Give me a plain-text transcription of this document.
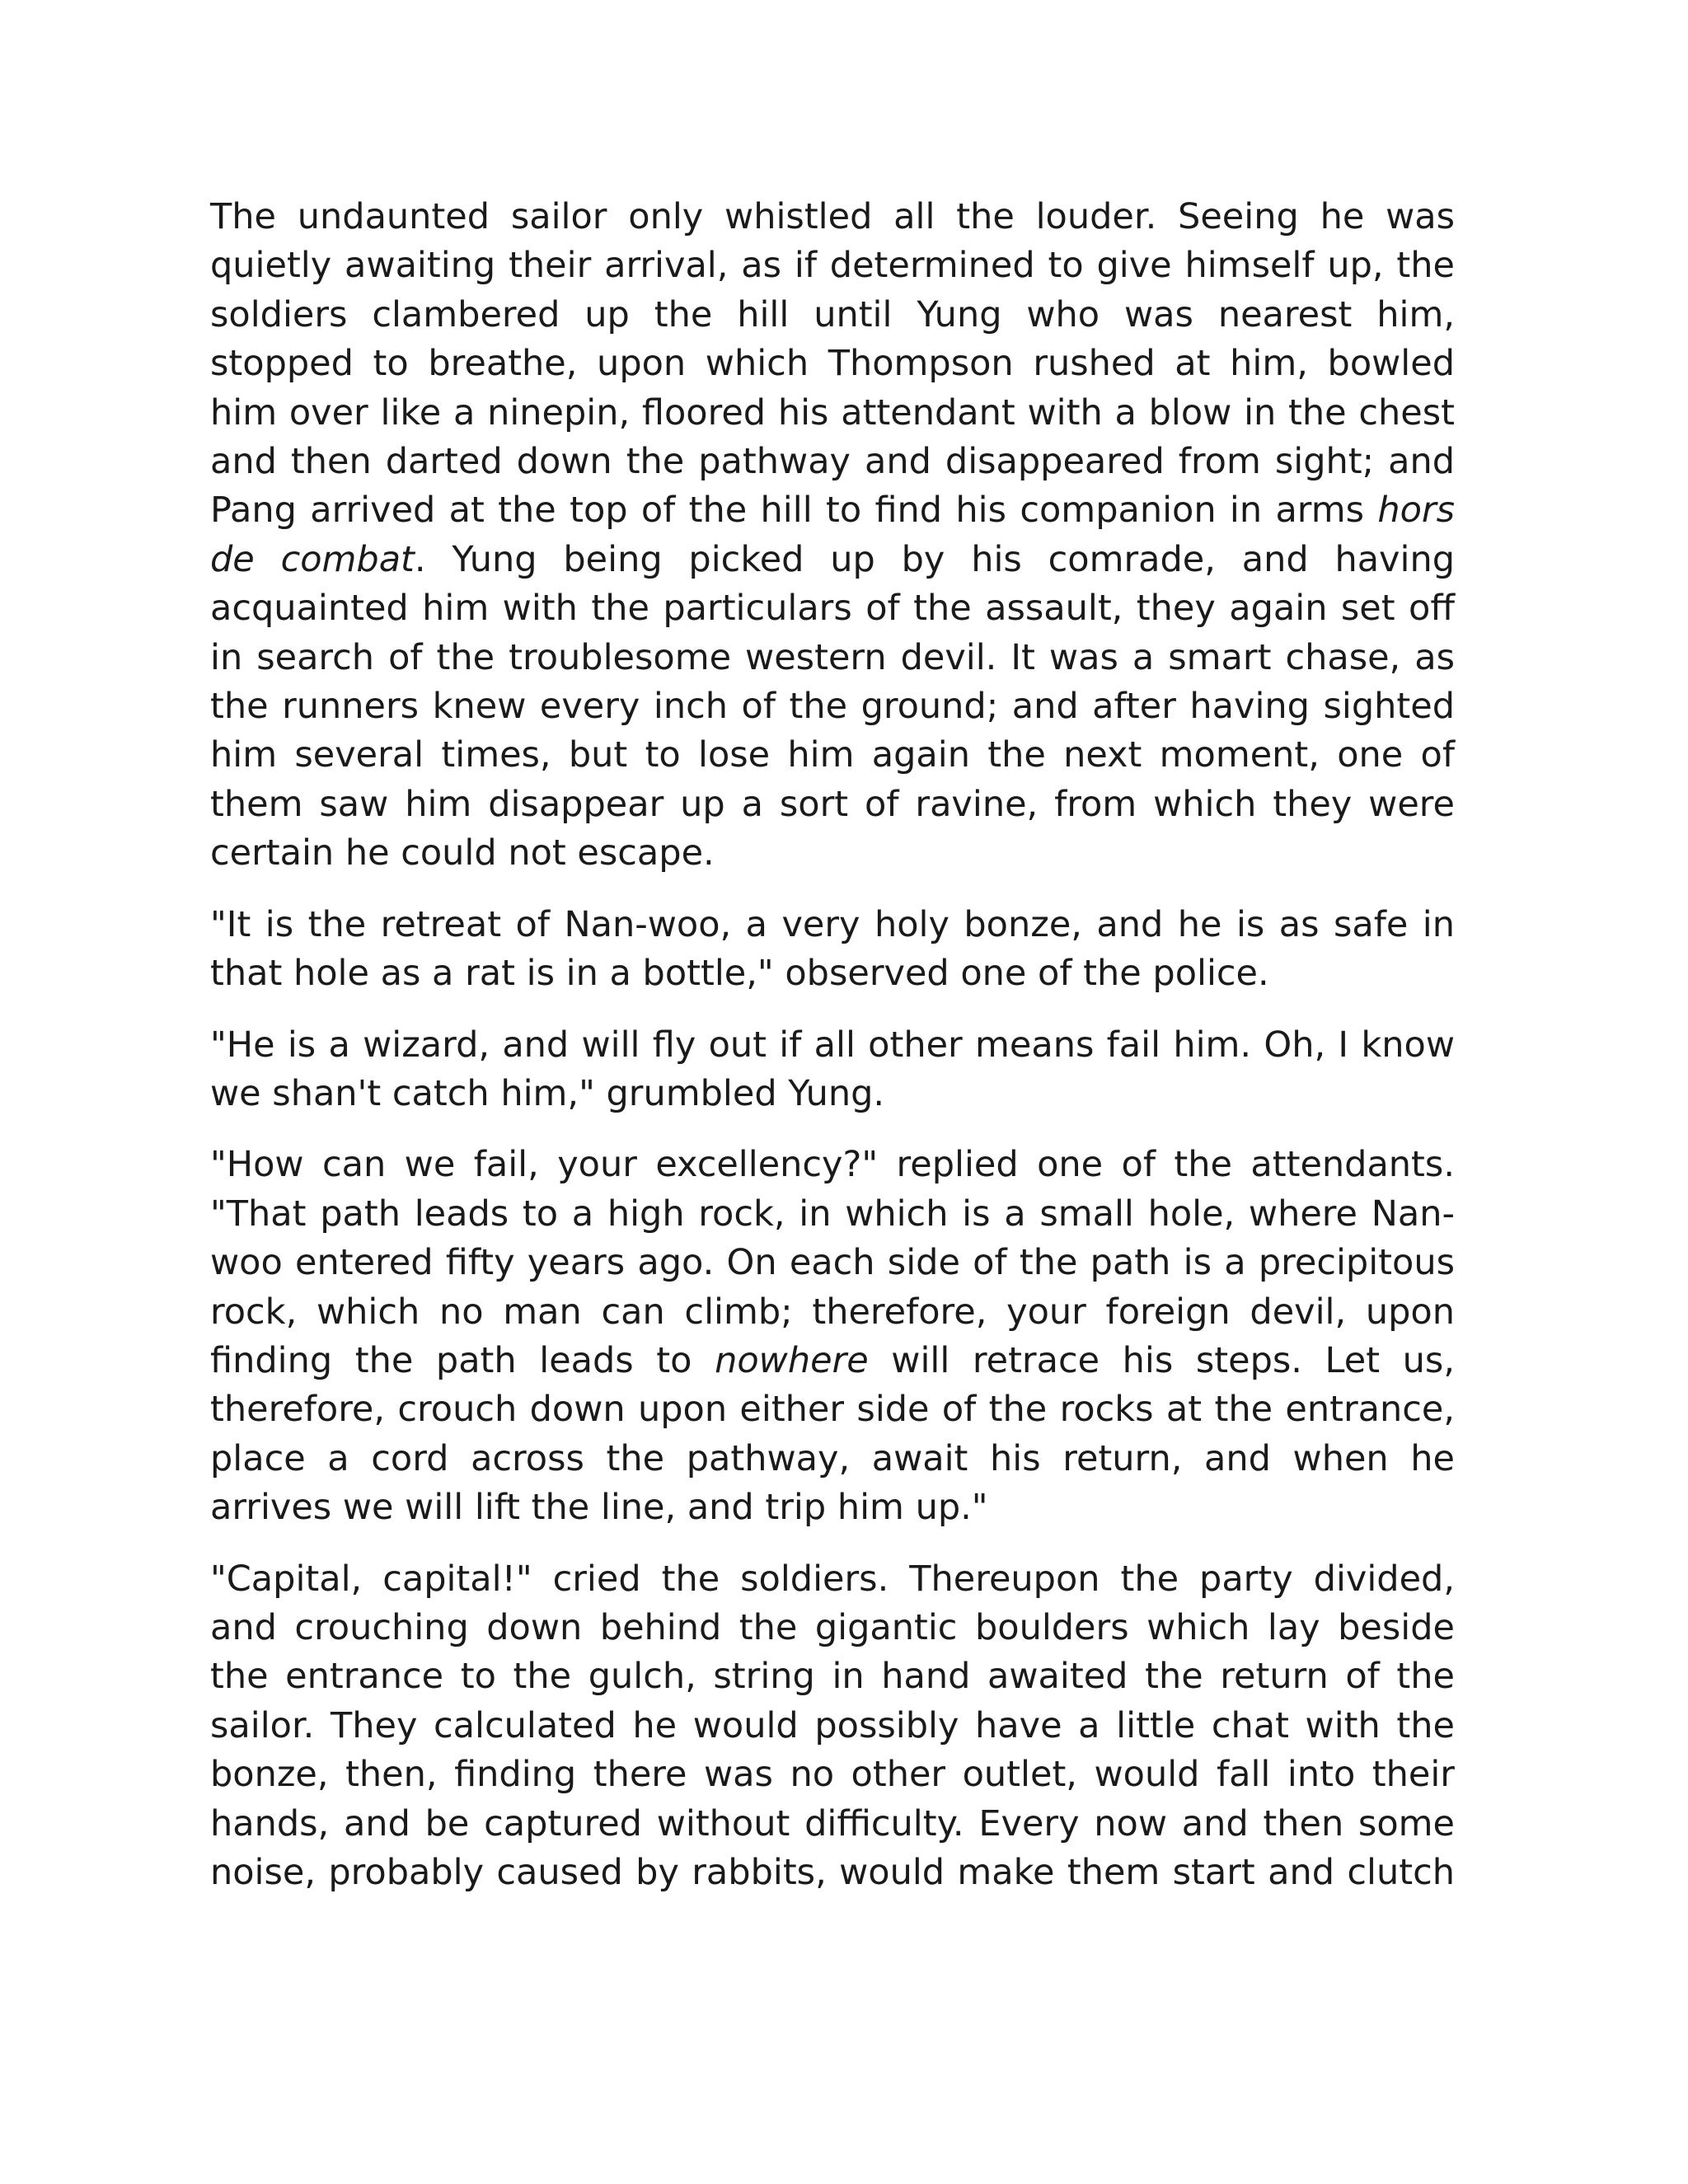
The undaunted sailor only whistled all the louder. Seeing he was quietly awaiting their arrival, as if determined to give himself up, the soldiers clambered up the hill until Yung who was nearest him, stopped to breathe, upon which Thompson rushed at him, bowled him over like a ninepin, floored his attendant with a blow in the chest and then darted down the pathway and disappeared from sight; and Pang arrived at the top of the hill to find his companion in arms hors de combat. Yung being picked up by his comrade, and having acquainted him with the particulars of the assault, they again set off in search of the troublesome western devil. It was a smart chase, as the runners knew every inch of the ground; and after having sighted him several times, but to lose him again the next moment, one of them saw him disappear up a sort of ravine, from which they were certain he could not escape.

"It is the retreat of Nan-woo, a very holy bonze, and he is as safe in that hole as a rat is in a bottle," observed one of the police.

"He is a wizard, and will fly out if all other means fail him. Oh, I know we shan't catch him," grumbled Yung.

"How can we fail, your excellency?" replied one of the attendants. "That path leads to a high rock, in which is a small hole, where Nan-woo entered fifty years ago. On each side of the path is a precipitous rock, which no man can climb; therefore, your foreign devil, upon finding the path leads to nowhere will retrace his steps. Let us, therefore, crouch down upon either side of the rocks at the entrance, place a cord across the pathway, await his return, and when he arrives we will lift the line, and trip him up."

"Capital, capital!" cried the soldiers. Thereupon the party divided, and crouching down behind the gigantic boulders which lay beside the entrance to the gulch, string in hand awaited the return of the sailor. They calculated he would possibly have a little chat with the bonze, then, finding there was no other outlet, would fall into their hands, and be captured without difficulty. Every now and then some noise, probably caused by rabbits, would make them start and clutch
